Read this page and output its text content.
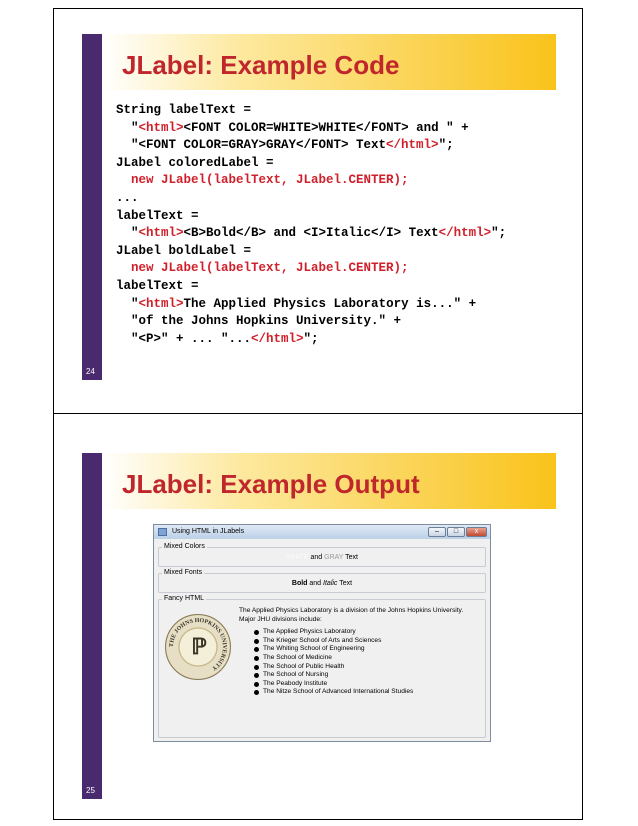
JLabel: Example Code
String labelText =
"<html><FONT COLOR=WHITE>WHITE</FONT> and " +
"<FONT COLOR=GRAY>GRAY</FONT> Text</html>";
JLabel coloredLabel =
new JLabel(labelText, JLabel.CENTER);
...
labelText =
"<html><B>Bold</B> and <I>Italic</I> Text</html>";
JLabel boldLabel =
new JLabel(labelText, JLabel.CENTER);
labelText =
"<html>The Applied Physics Laboratory is..." +
"of the Johns Hopkins University." +
"<P>" + ... "...</html>";
24
JLabel: Example Output
Using HTML in JLabels	–	□	x
Mixed Colors
WHITE and GRAY Text
Mixed Fonts
Bold and Italic Text
Fancy HTML
THE JOHNS HOPKINS UNIVERSITY
ℙ
The Applied Physics Laboratory is a division of the Johns Hopkins University.
Major JHU divisions include:
The Applied Physics Laboratory
The Krieger School of Arts and Sciences
The Whiting School of Engineering
The School of Medicine
The School of Public Health
The School of Nursing
The Peabody Institute
The Nitze School of Advanced International Studies
25
